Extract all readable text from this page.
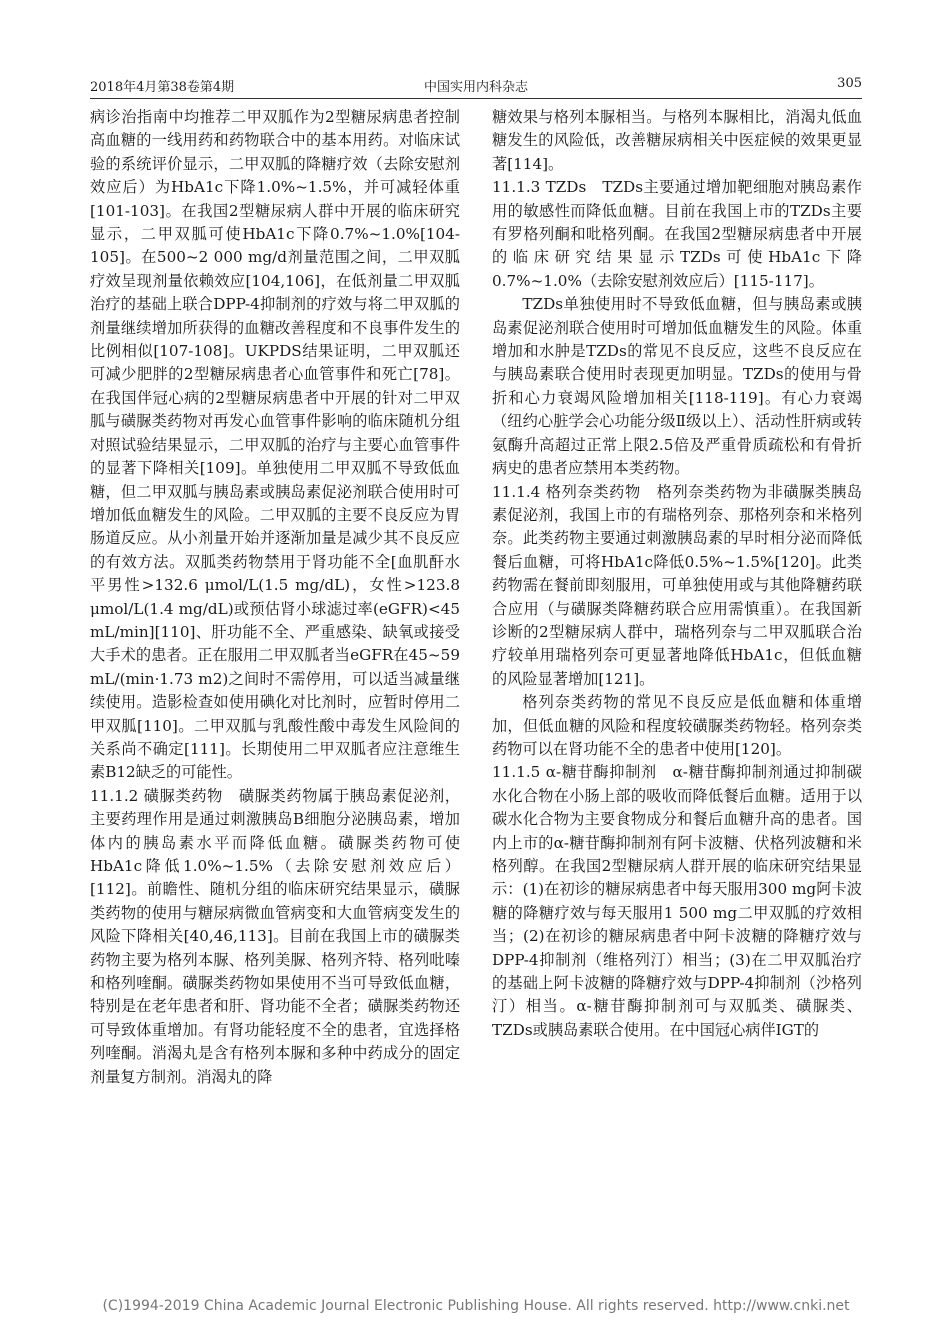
2018年4月第38卷第4期	中国实用内科杂志	305

病诊治指南中均推荐二甲双胍作为2型糖尿病患者控制高血糖的一线用药和药物联合中的基本用药。对临床试验的系统评价显示，二甲双胍的降糖疗效（去除安慰剂效应后）为HbA1c下降1.0%~1.5%，并可减轻体重[101-103]。在我国2型糖尿病人群中开展的临床研究显示，二甲双胍可使HbA1c下降0.7%~1.0%[104-105]。在500~2 000 mg/d剂量范围之间，二甲双胍疗效呈现剂量依赖效应[104,106]，在低剂量二甲双胍治疗的基础上联合DPP-4抑制剂的疗效与将二甲双胍的剂量继续增加所获得的血糖改善程度和不良事件发生的比例相似[107-108]。UKPDS结果证明，二甲双胍还可减少肥胖的2型糖尿病患者心血管事件和死亡[78]。在我国伴冠心病的2型糖尿病患者中开展的针对二甲双胍与磺脲类药物对再发心血管事件影响的临床随机分组对照试验结果显示，二甲双胍的治疗与主要心血管事件的显著下降相关[109]。单独使用二甲双胍不导致低血糖，但二甲双胍与胰岛素或胰岛素促泌剂联合使用时可增加低血糖发生的风险。二甲双胍的主要不良反应为胃肠道反应。从小剂量开始并逐渐加量是减少其不良反应的有效方法。双胍类药物禁用于肾功能不全[血肌酐水平男性>132.6 μmol/L(1.5 mg/dL)，女性>123.8 μmol/L(1.4 mg/dL)或预估肾小球滤过率(eGFR)<45 mL/min][110]、肝功能不全、严重感染、缺氧或接受大手术的患者。正在服用二甲双胍者当eGFR在45~59 mL/(min·1.73 m2)之间时不需停用，可以适当减量继续使用。造影检查如使用碘化对比剂时，应暂时停用二甲双胍[110]。二甲双胍与乳酸性酸中毒发生风险间的关系尚不确定[111]。长期使用二甲双胍者应注意维生素B12缺乏的可能性。

11.1.2 磺脲类药物　磺脲类药物属于胰岛素促泌剂，主要药理作用是通过刺激胰岛B细胞分泌胰岛素，增加体内的胰岛素水平而降低血糖。磺脲类药物可使HbA1c降低1.0%~1.5%（去除安慰剂效应后）[112]。前瞻性、随机分组的临床研究结果显示，磺脲类药物的使用与糖尿病微血管病变和大血管病变发生的风险下降相关[40,46,113]。目前在我国上市的磺脲类药物主要为格列本脲、格列美脲、格列齐特、格列吡嗪和格列喹酮。磺脲类药物如果使用不当可导致低血糖，特别是在老年患者和肝、肾功能不全者；磺脲类药物还可导致体重增加。有肾功能轻度不全的患者，宜选择格列喹酮。消渴丸是含有格列本脲和多种中药成分的固定剂量复方制剂。消渴丸的降

糖效果与格列本脲相当。与格列本脲相比，消渴丸低血糖发生的风险低，改善糖尿病相关中医症候的效果更显著[114]。

11.1.3 TZDs　TZDs主要通过增加靶细胞对胰岛素作用的敏感性而降低血糖。目前在我国上市的TZDs主要有罗格列酮和吡格列酮。在我国2型糖尿病患者中开展的临床研究结果显示TZDs可使HbA1c下降0.7%~1.0%（去除安慰剂效应后）[115-117]。

TZDs单独使用时不导致低血糖，但与胰岛素或胰岛素促泌剂联合使用时可增加低血糖发生的风险。体重增加和水肿是TZDs的常见不良反应，这些不良反应在与胰岛素联合使用时表现更加明显。TZDs的使用与骨折和心力衰竭风险增加相关[118-119]。有心力衰竭（纽约心脏学会心功能分级Ⅱ级以上）、活动性肝病或转氨酶升高超过正常上限2.5倍及严重骨质疏松和有骨折病史的患者应禁用本类药物。

11.1.4 格列奈类药物　格列奈类药物为非磺脲类胰岛素促泌剂，我国上市的有瑞格列奈、那格列奈和米格列奈。此类药物主要通过刺激胰岛素的早时相分泌而降低餐后血糖，可将HbA1c降低0.5%~1.5%[120]。此类药物需在餐前即刻服用，可单独使用或与其他降糖药联合应用（与磺脲类降糖药联合应用需慎重）。在我国新诊断的2型糖尿病人群中，瑞格列奈与二甲双胍联合治疗较单用瑞格列奈可更显著地降低HbA1c，但低血糖的风险显著增加[121]。

格列奈类药物的常见不良反应是低血糖和体重增加，但低血糖的风险和程度较磺脲类药物轻。格列奈类药物可以在肾功能不全的患者中使用[120]。

11.1.5 α-糖苷酶抑制剂　α-糖苷酶抑制剂通过抑制碳水化合物在小肠上部的吸收而降低餐后血糖。适用于以碳水化合物为主要食物成分和餐后血糖升高的患者。国内上市的α-糖苷酶抑制剂有阿卡波糖、伏格列波糖和米格列醇。在我国2型糖尿病人群开展的临床研究结果显示：(1)在初诊的糖尿病患者中每天服用300 mg阿卡波糖的降糖疗效与每天服用1 500 mg二甲双胍的疗效相当；(2)在初诊的糖尿病患者中阿卡波糖的降糖疗效与DPP-4抑制剂（维格列汀）相当；(3)在二甲双胍治疗的基础上阿卡波糖的降糖疗效与DPP-4抑制剂（沙格列汀）相当。α-糖苷酶抑制剂可与双胍类、磺脲类、TZDs或胰岛素联合使用。在中国冠心病伴IGT的

(C)1994-2019 China Academic Journal Electronic Publishing House. All rights reserved. http://www.cnki.net
